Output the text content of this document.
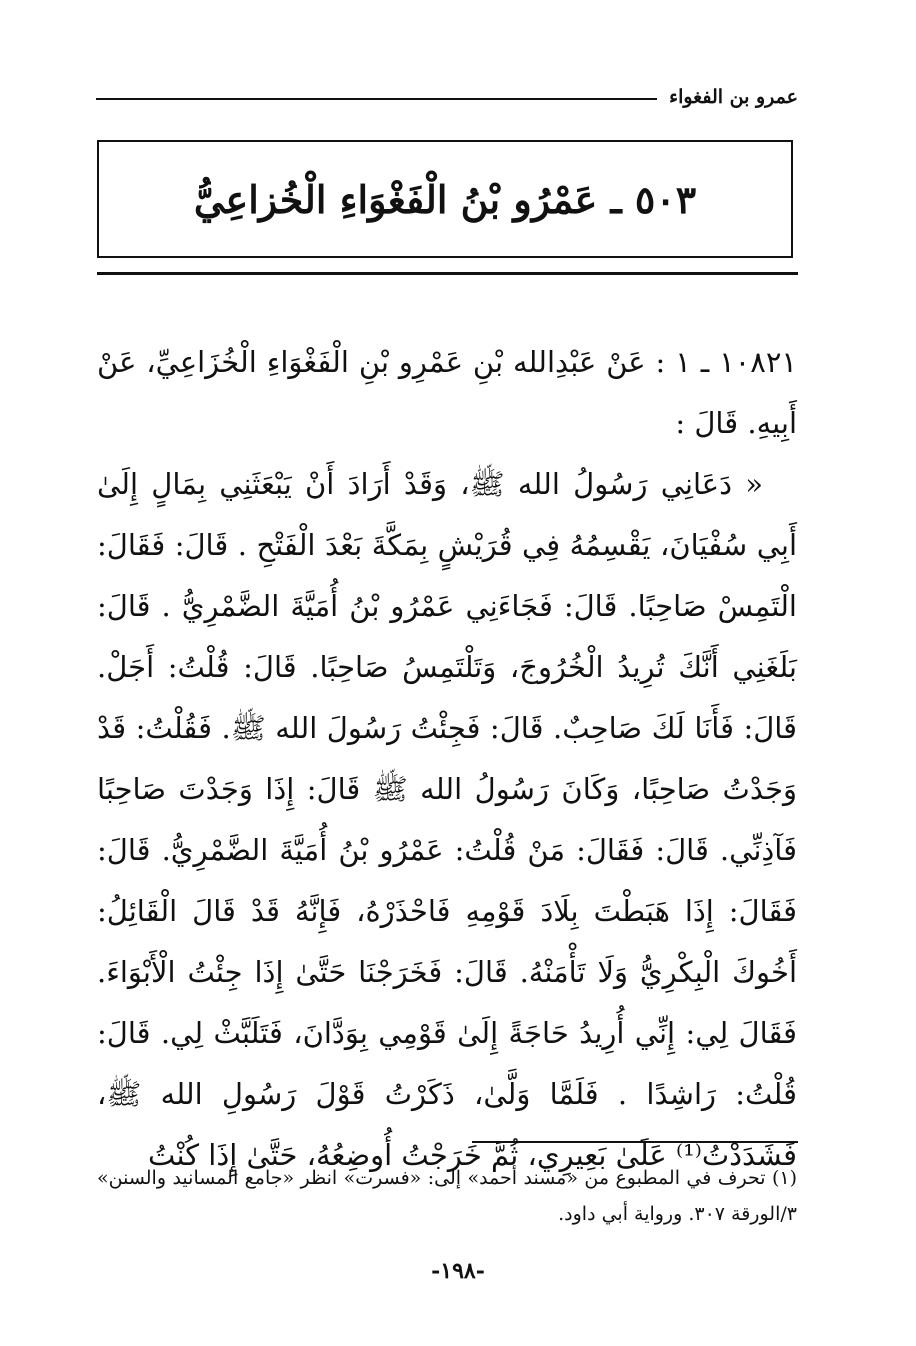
عمرو بن الفغواء
٥٠٣ ـ عَمْرُو بْنُ الْفَغْوَاءِ الْخُزاعِيُّ

١٠٨٢١ ـ ١ : عَنْ عَبْدِالله بْنِ عَمْرِو بْنِ الْفَغْوَاءِ الْخُزَاعِيِّ، عَنْ أَبِيهِ. قَالَ :

« دَعَانِي رَسُولُ الله ﷺ، وَقَدْ أَرَادَ أَنْ يَبْعَثَنِي بِمَالٍ إِلَىٰ أَبِي سُفْيَانَ، يَقْسِمُهُ فِي قُرَيْشٍ بِمَكَّةَ بَعْدَ الْفَتْحِ . قَالَ: فَقَالَ: الْتَمِسْ صَاحِبًا. قَالَ: فَجَاءَنِي عَمْرُو بْنُ أُمَيَّةَ الضَّمْرِيُّ . قَالَ: بَلَغَنِي أَنَّكَ تُرِيدُ الْخُرُوجَ، وَتَلْتَمِسُ صَاحِبًا. قَالَ: قُلْتُ: أَجَلْ. قَالَ: فَأَنَا لَكَ صَاحِبٌ. قَالَ: فَجِئْتُ رَسُولَ الله ﷺ. فَقُلْتُ: قَدْ وَجَدْتُ صَاحِبًا، وَكَانَ رَسُولُ الله ﷺ قَالَ: إِذَا وَجَدْتَ صَاحِبًا فَآذِنِّي. قَالَ: فَقَالَ: مَنْ قُلْتُ: عَمْرُو بْنُ أُمَيَّةَ الضَّمْرِيُّ. قَالَ: فَقَالَ: إِذَا هَبَطْتَ بِلَادَ قَوْمِهِ فَاحْذَرْهُ، فَإِنَّهُ قَدْ قَالَ الْقَائِلُ: أَخُوكَ الْبِكْرِيُّ وَلَا تَأْمَنْهُ. قَالَ: فَخَرَجْنَا حَتَّىٰ إِذَا جِئْتُ الْأَبْوَاءَ. فَقَالَ لِي: إِنِّي أُرِيدُ حَاجَةً إِلَىٰ قَوْمِي بِوَدَّانَ، فَتَلَبَّثْ لِي. قَالَ: قُلْتُ: رَاشِدًا . فَلَمَّا وَلَّىٰ، ذَكَرْتُ قَوْلَ رَسُولِ الله ﷺ، فَشَدَدْتُ⁽¹⁾ عَلَىٰ بَعِيرِي، ثُمَّ خَرَجْتُ أُوضِعُهُ، حَتَّىٰ إِذَا كُنْتُ

(١) تحرف في المطبوع من «مسند أحمد» إلى: «فسرت» انظر «جامع المسانيد والسنن» ٣/الورقة ٣٠٧. ورواية أبي داود.

-١٩٨-
